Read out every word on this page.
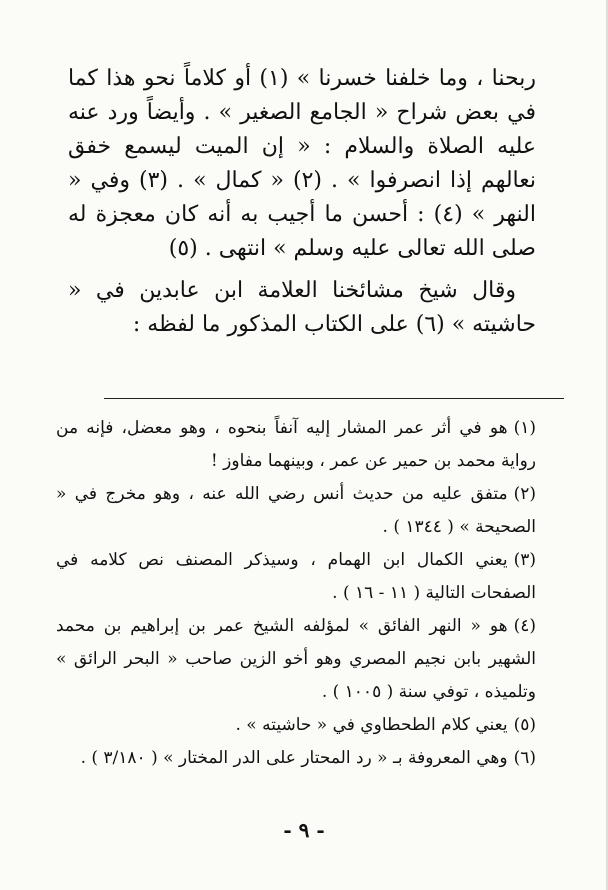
ربحنا ، وما خلفنا خسرنا » (١) أو كلاماً نحو هذا كما في بعض شراح « الجامع الصغير » . وأيضاً ورد عنه عليه الصلاة والسلام : « إن الميت ليسمع خفق نعالهم إذا انصرفوا » . (٢) « كمال » . (٣) وفي « النهر » (٤) : أحسن ما أجيب به أنه كان معجزة له صلى الله تعالى عليه وسلم » انتهى . (٥)

وقال شيخ مشائخنا العلامة ابن عابدين في « حاشيته » (٦) على الكتاب المذكور ما لفظه :

(١)هو في أثر عمر المشار إليه آنفاً بنحوه ، وهو معضل، فإنه من رواية محمد بن حمير عن عمر ، وبينهما مفاوز !

(٢)متفق عليه من حديث أنس رضي الله عنه ، وهو مخرج في « الصحيحة » ( ١٣٤٤ ) .

(٣)يعني الكمال ابن الهمام ، وسيذكر المصنف نص كلامه في الصفحات التالية ( ١١ - ١٦ ) .

(٤)هو « النهر الفائق » لمؤلفه الشيخ عمر بن إبراهيم بن محمد الشهير بابن نجيم المصري وهو أخو الزين صاحب « البحر الرائق » وتلميذه ، توفي سنة ( ١٠٠٥ ) .

(٥)يعني كلام الطحطاوي في « حاشيته » .

(٦)وهي المعروفة بـ « رد المحتار على الدر المختار » ( ٣/١٨٠ ) .

- ٩ -
